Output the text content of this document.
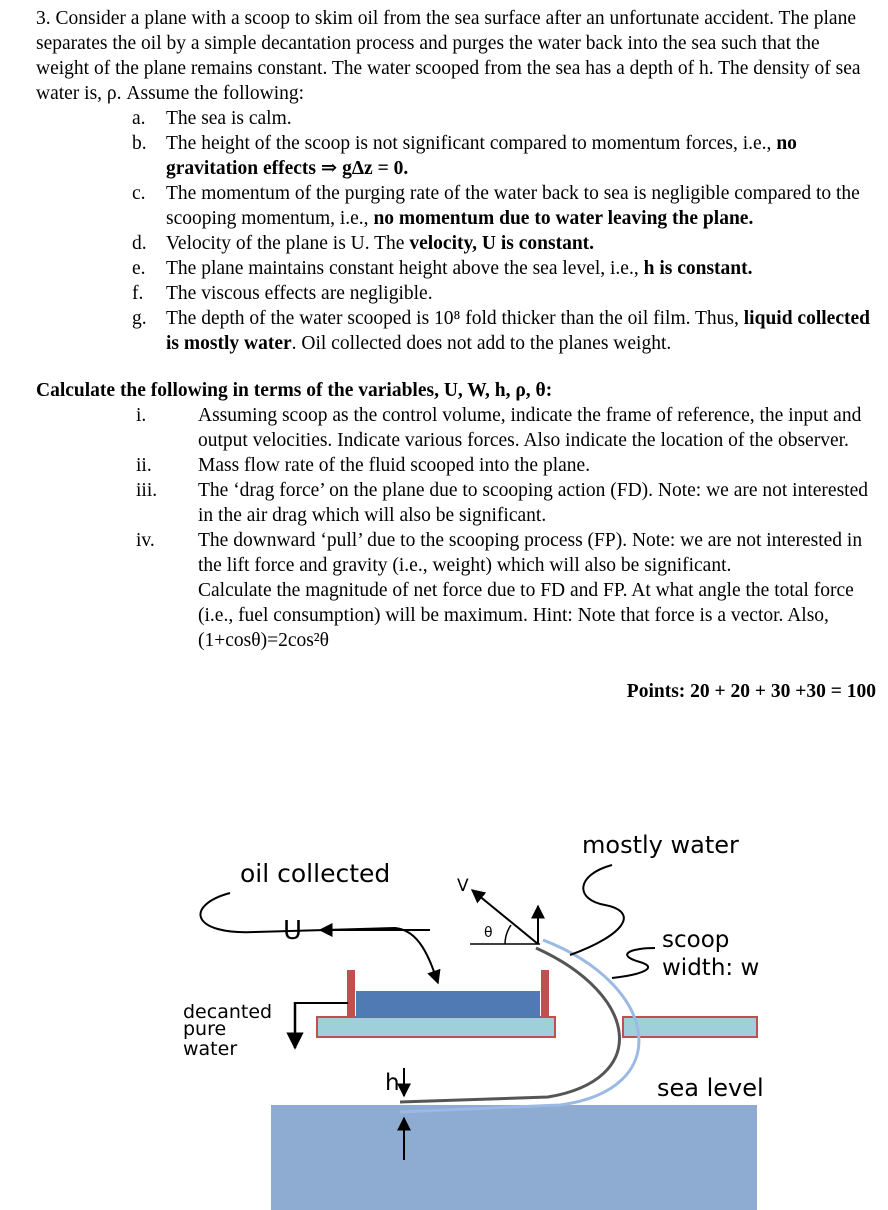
3. Consider a plane with a scoop to skim oil from the sea surface after an unfortunate accident. The plane separates the oil by a simple decantation process and purges the water back into the sea such that the weight of the plane remains constant. The water scooped from the sea has a depth of h. The density of sea water is, ρ. Assume the following:

a. The sea is calm.
b. The height of the scoop is not significant compared to momentum forces, i.e., no gravitation effects ⇒ gΔz = 0.
c. The momentum of the purging rate of the water back to sea is negligible compared to the scooping momentum, i.e., no momentum due to water leaving the plane.
d. Velocity of the plane is U. The velocity, U is constant.
e. The plane maintains constant height above the sea level, i.e., h is constant.
f. The viscous effects are negligible.
g. The depth of the water scooped is 10⁸ fold thicker than the oil film. Thus, liquid collected is mostly water. Oil collected does not add to the planes weight.
Calculate the following in terms of the variables, U, W, h, ρ, θ:
i.	Assuming scoop as the control volume, indicate the frame of reference, the input and output velocities. Indicate various forces. Also indicate the location of the observer.
ii. Mass flow rate of the fluid scooped into the plane.
iii. The ‘drag force’ on the plane due to scooping action (FD). Note: we are not interested in the air drag which will also be significant.
iv. The downward ‘pull’ due to the scooping process (FP). Note: we are not interested in the lift force and gravity (i.e., weight) which will also be significant.
Calculate the magnitude of net force due to FD and FP. At what angle the total force (i.e., fuel consumption) will be maximum. Hint: Note that force is a vector. Also, (1+cosθ)=2cos²θ
Points: 20 + 20 + 30 +30 = 100
oil collected
U
V
θ
mostly water
scoop
width: w
decanted
pure
water
h	sea level
